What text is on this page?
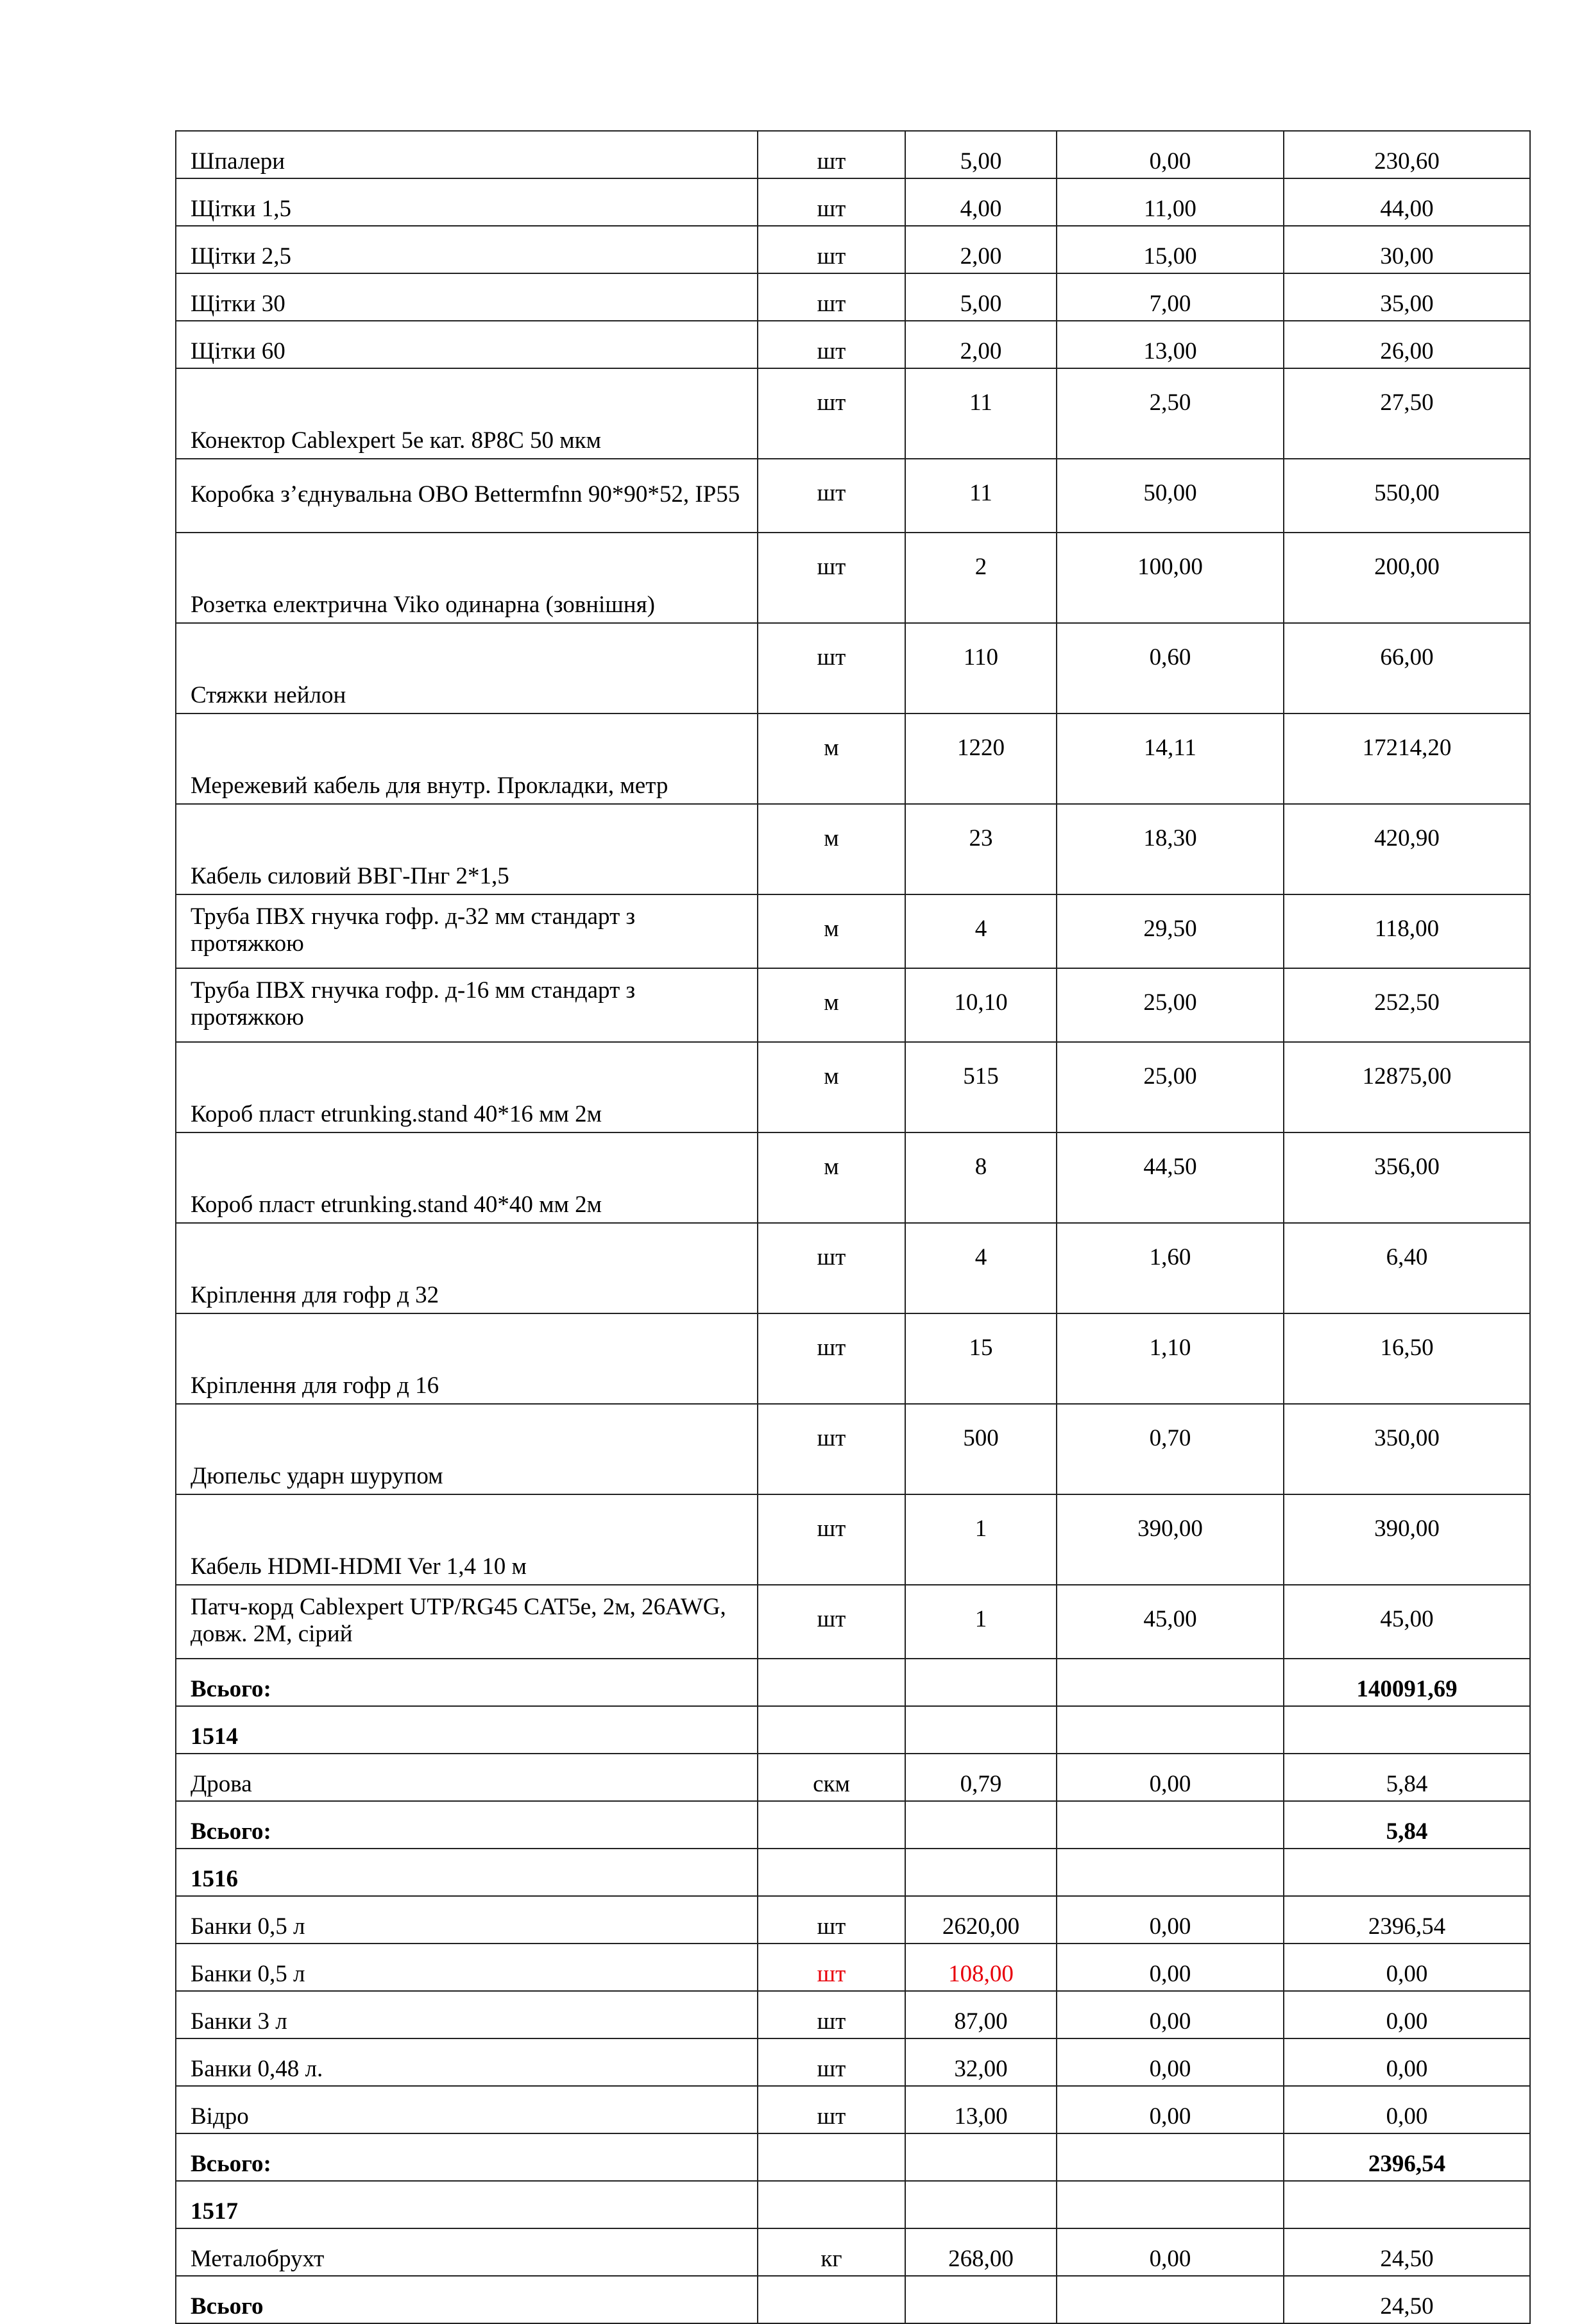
Шпалери	шт	5,00	0,00	230,60
Щітки 1,5	шт	4,00	11,00	44,00
Щітки 2,5	шт	2,00	15,00	30,00
Щітки 30	шт	5,00	7,00	35,00
Щітки 60	шт	2,00	13,00	26,00
Конектор Cablexpert 5е кат. 8P8C 50 мкм	шт	11	2,50	27,50
Коробка з’єднувальна OBO Bettermfnn 90*90*52, IP55	шт	11	50,00	550,00
Розетка електрична Viko одинарна (зовнішня)	шт	2	100,00	200,00
Стяжки нейлон	шт	110	0,60	66,00
Мережевий кабель для внутр. Прокладки, метр	м	1220	14,11	17214,20
Кабель силовий ВВГ-Пнг 2*1,5	м	23	18,30	420,90
Труба ПВХ гнучка гофр. д-32 мм стандарт з протяжкою	м	4	29,50	118,00
Труба ПВХ гнучка гофр. д-16 мм стандарт з протяжкою	м	10,10	25,00	252,50
Короб пласт etrunking.stand 40*16 мм 2м	м	515	25,00	12875,00
Короб пласт etrunking.stand 40*40 мм 2м	м	8	44,50	356,00
Кріплення для гофр д 32	шт	4	1,60	6,40
Кріплення для гофр д 16	шт	15	1,10	16,50
Дюпельс ударн шурупом	шт	500	0,70	350,00
Кабель HDMI-HDMI Ver 1,4 10 м	шт	1	390,00	390,00
Патч-корд Cablexpert UTP/RG45 CAT5e, 2м, 26AWG, довж. 2М, сірий	шт	1	45,00	45,00
Всього:				140091,69
1514				
Дрова	скм	0,79	0,00	5,84
Всього:				5,84
1516				
Банки 0,5 л	шт	2620,00	0,00	2396,54
Банки 0,5 л	шт	108,00	0,00	0,00
Банки 3 л	шт	87,00	0,00	0,00
Банки 0,48 л.	шт	32,00	0,00	0,00
Відро	шт	13,00	0,00	0,00
Всього:				2396,54
1517				
Металобрухт	кг	268,00	0,00	24,50
Всього				24,50
